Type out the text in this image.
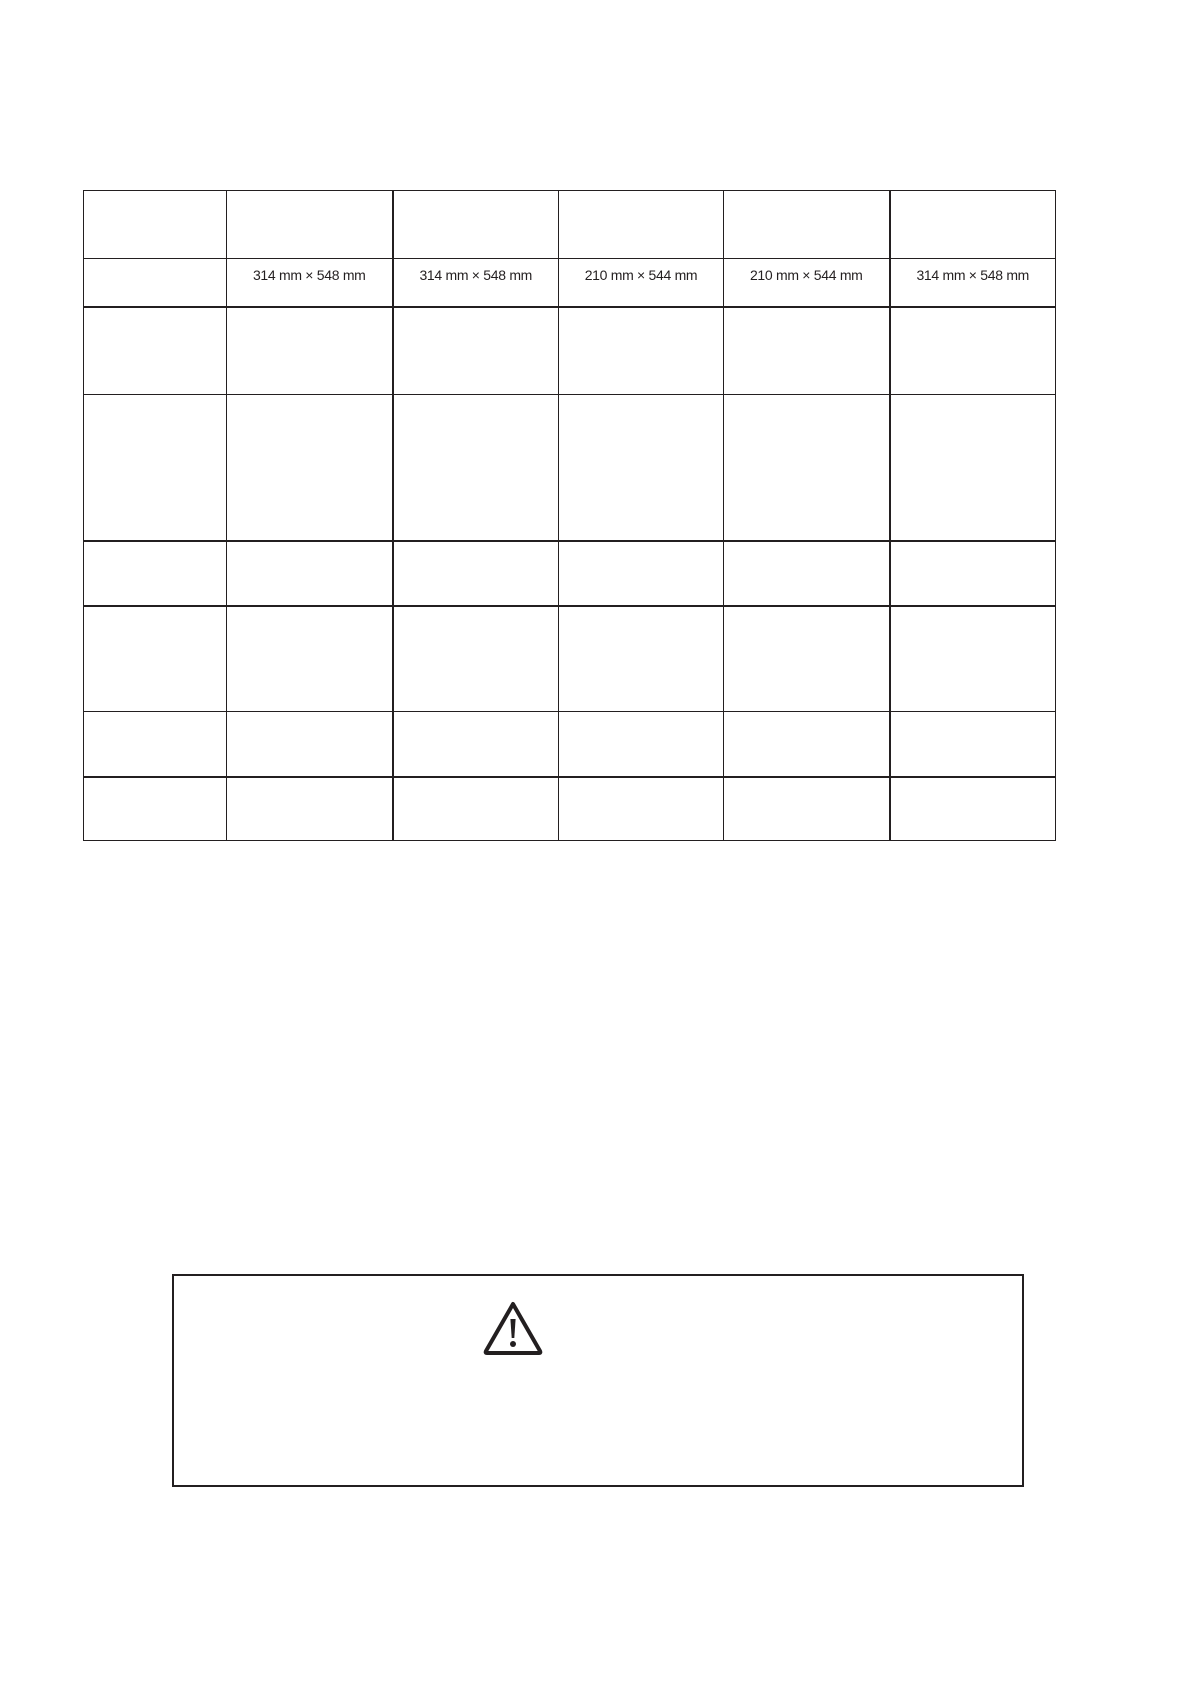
	314 mm × 548 mm	314 mm × 548 mm	210 mm × 544 mm	210 mm × 544 mm	314 mm × 548 mm
